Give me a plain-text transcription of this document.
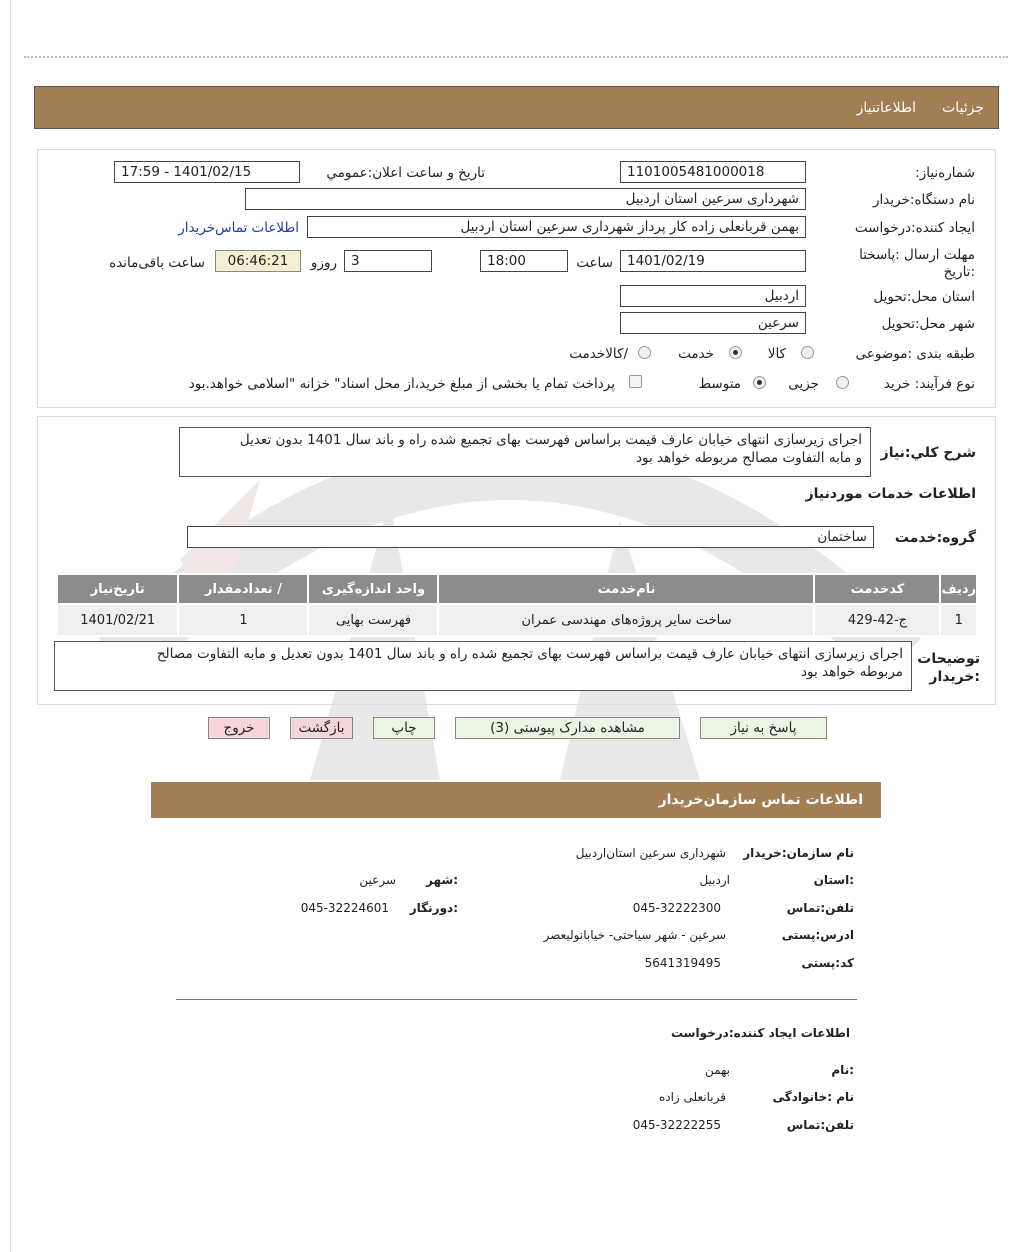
جزئیات
اطلاعاتنیاز
شماره‌نیاز:
1101005481000018
تاریخ و ساعت اعلان:عمومي
1401/02/15 - 17:59
نام دستگاه:خریدار
شهرداری سرعین استان اردبیل
ایجاد کننده:درخواست
بهمن قربانعلی زاده کار پرداز شهرداری سرعین استان اردبیل
اطلاعات تماس‌خریدار
مهلت ارسال :پاسختا
:تاریخ
1401/02/19
ساعت
18:00
3
روزو
06:46:21
ساعت باقی‌مانده
استان محل:تحویل
اردبیل
شهر محل:تحویل
سرعین
طبقه بندی :موضوعی
کالا
خدمت
/کالاخدمت
نوع فرآیند: خرید
جزیی
متوسط
پرداخت تمام یا بخشی از مبلغ خرید،از محل اسناد" خزانه "اسلامی خواهد.بود
شرح کلي:نیاز
اجرای زیرسازی انتهای خیابان عارف قیمت براساس فهرست بهای تجمیع شده راه و باند سال 1401 بدون تعدیل
و مابه التفاوت مصالح مربوطه خواهد بود
اطلاعات خدمات موردنیاز
گروه:خدمت
ساختمان
ردیف	کدخدمت	نام‌خدمت	واحد اندازه‌گیری	/ تعدادمقدار	تاریخ‌نیاز
1	ج-42-429	ساخت سایر پروژه‌های مهندسی عمران	فهرست بهایی	1	1401/02/21
توضیحات
:خریدار
اجرای زیرسازی انتهای خیابان عارف قیمت براساس فهرست بهای تجمیع شده راه و باند سال 1401 بدون تعدیل و مابه التفاوت مصالح
مربوطه خواهد بود
پاسخ به نیاز
مشاهده مدارک پیوستی (3)
چاپ
بازگشت
خروج
اطلاعات تماس سازمان‌خریدار
نام سازمان:خریدار
شهرداری سرعین استان‌اردبیل
:استان
اردبیل
:شهر
سرعین
تلفن:تماس
045-32222300
:دورنگار
045-32224601
ادرس:پستی
سرعین - شهر سیاحتی- خیابانولیعصر
کد:پستی
5641319495
اطلاعات ایجاد کننده:درخواست
:نام
بهمن
نام :خانوادگی
قربانعلی زاده
تلفن:تماس
045-32222255
